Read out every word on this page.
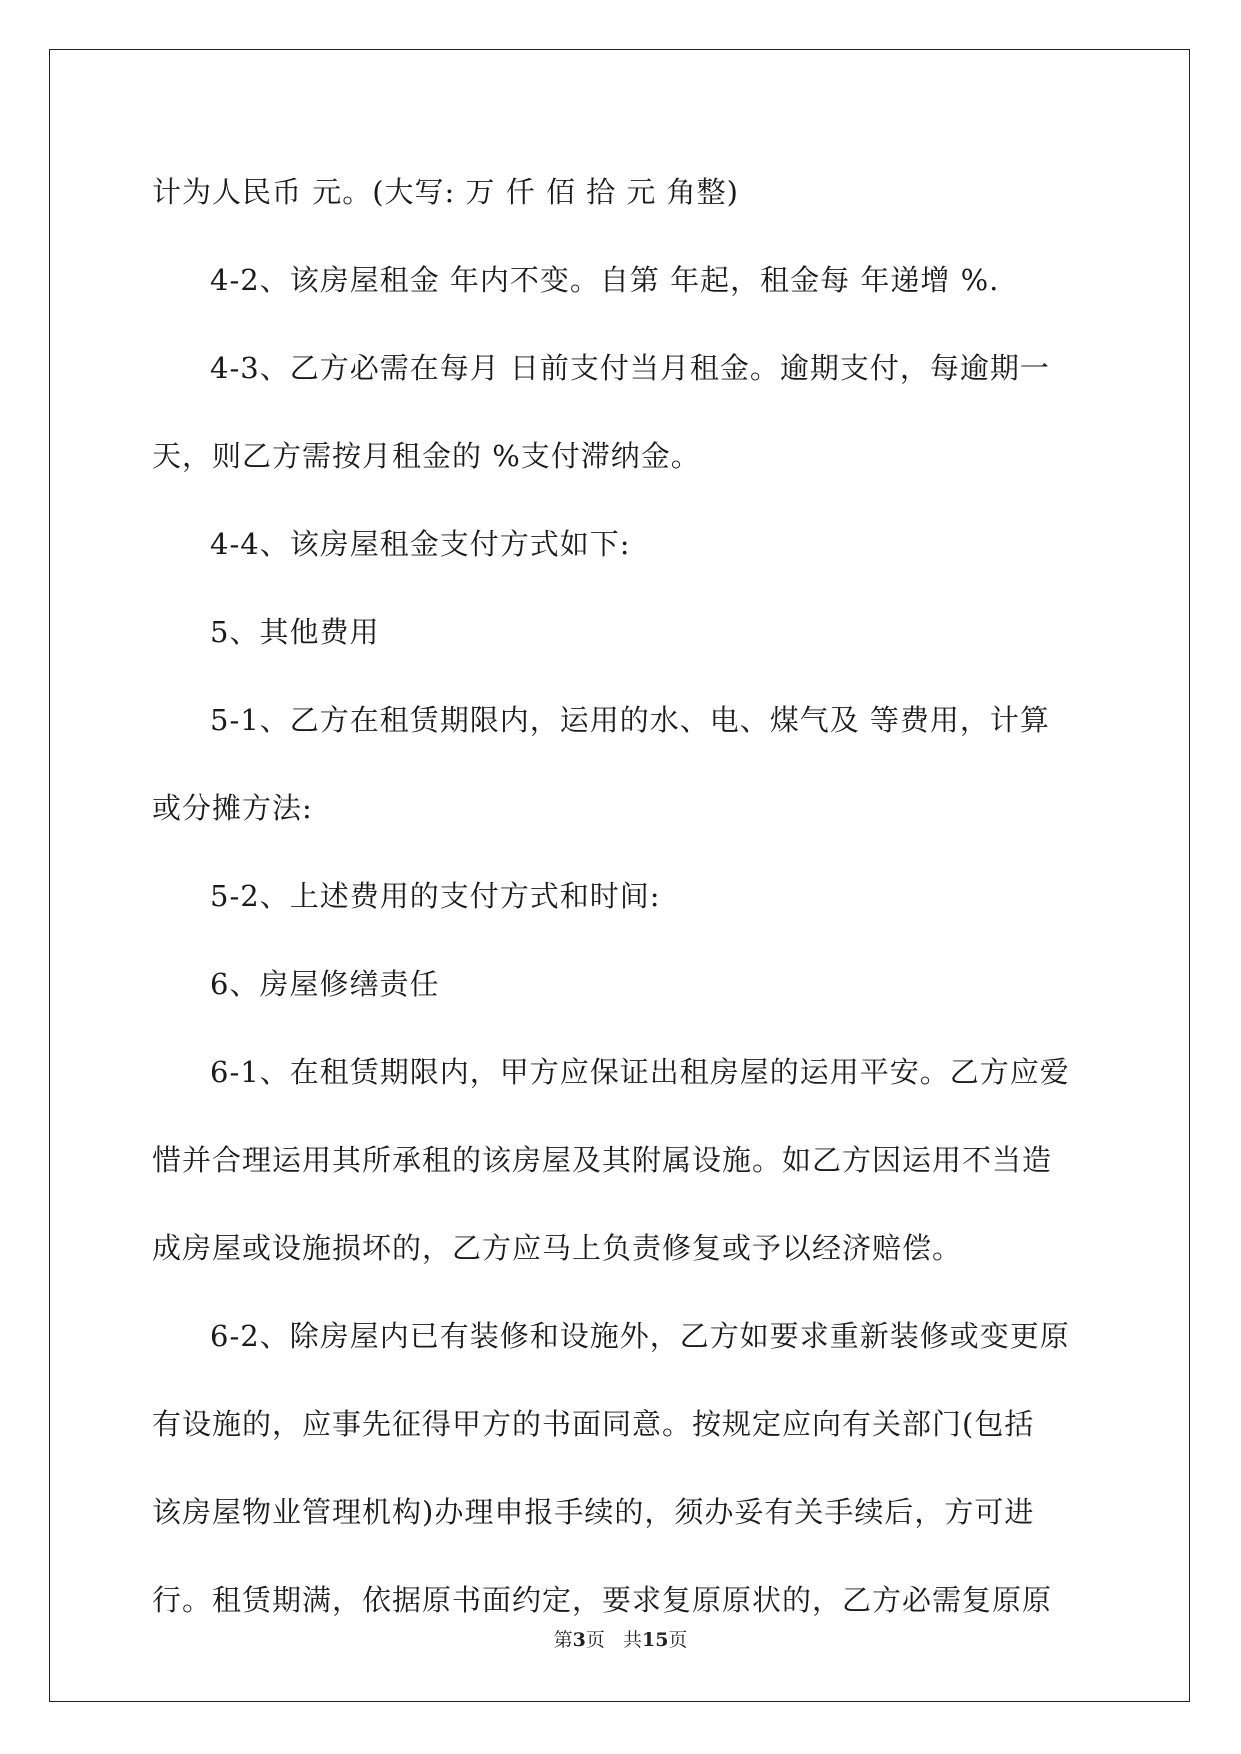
计为人民币 元。(大写: 万 仟 佰 拾 元 角整)
4-2、该房屋租金 年内不变。自第 年起，租金每 年递增 %.
4-3、乙方必需在每月 日前支付当月租金。逾期支付，每逾期一
天，则乙方需按月租金的 %支付滞纳金。
4-4、该房屋租金支付方式如下:
5、其他费用
5-1、乙方在租赁期限内，运用的水、电、煤气及 等费用，计算
或分摊方法:
5-2、上述费用的支付方式和时间:
6、房屋修缮责任
6-1、在租赁期限内，甲方应保证出租房屋的运用平安。乙方应爱
惜并合理运用其所承租的该房屋及其附属设施。如乙方因运用不当造
成房屋或设施损坏的，乙方应马上负责修复或予以经济赔偿。
6-2、除房屋内已有装修和设施外，乙方如要求重新装修或变更原
有设施的，应事先征得甲方的书面同意。按规定应向有关部门(包括
该房屋物业管理机构)办理申报手续的，须办妥有关手续后，方可进
行。租赁期满，依据原书面约定，要求复原原状的，乙方必需复原原
第3页 共15页
